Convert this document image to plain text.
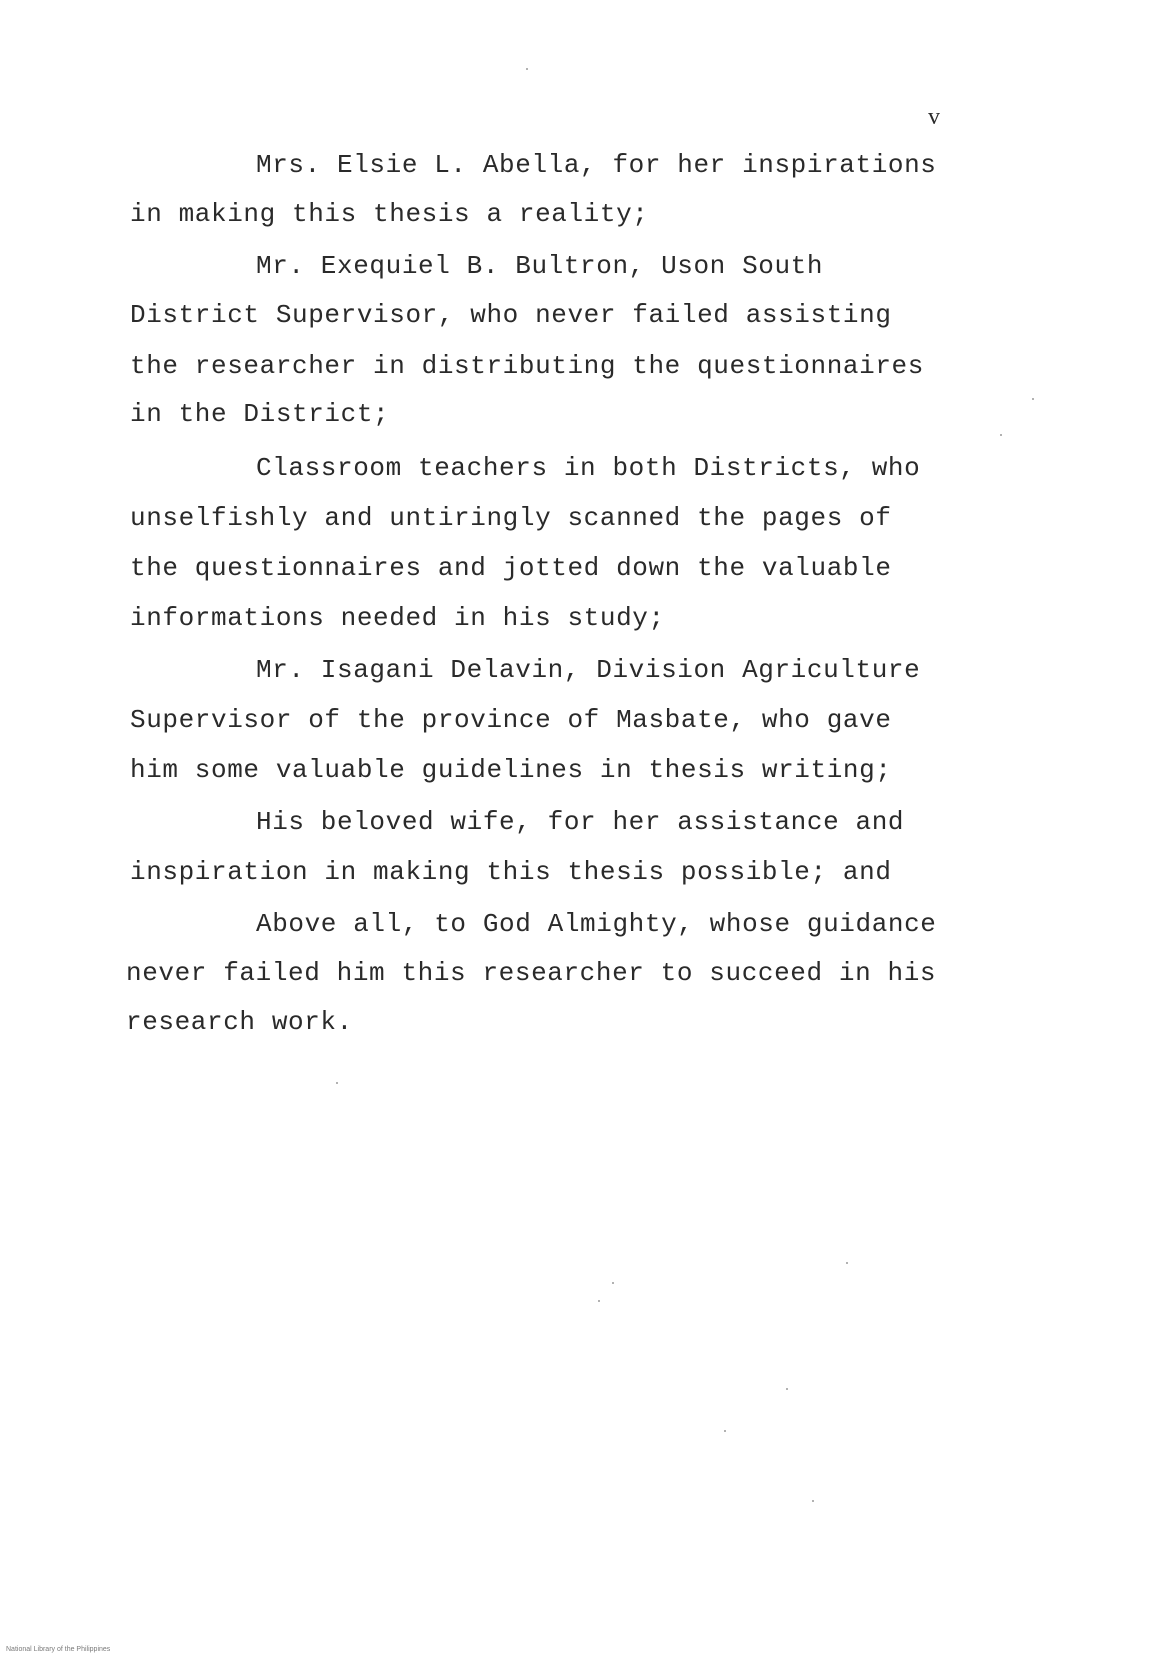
v
Mrs. Elsie L. Abella, for her inspirations
in making this thesis a reality;
Mr. Exequiel B. Bultron, Uson South
District Supervisor, who never failed assisting
the researcher in distributing the questionnaires
in the District;
Classroom teachers in both Districts, who
unselfishly and untiringly scanned the pages of
the questionnaires and jotted down the valuable
informations needed in his study;
Mr. Isagani Delavin, Division Agriculture
Supervisor of the province of Masbate, who gave
him some valuable guidelines in thesis writing;
His beloved wife, for her assistance and
inspiration in making this thesis possible; and
Above all, to God Almighty, whose guidance
never failed him this researcher to succeed in his
research work.
National Library of the Philippines
